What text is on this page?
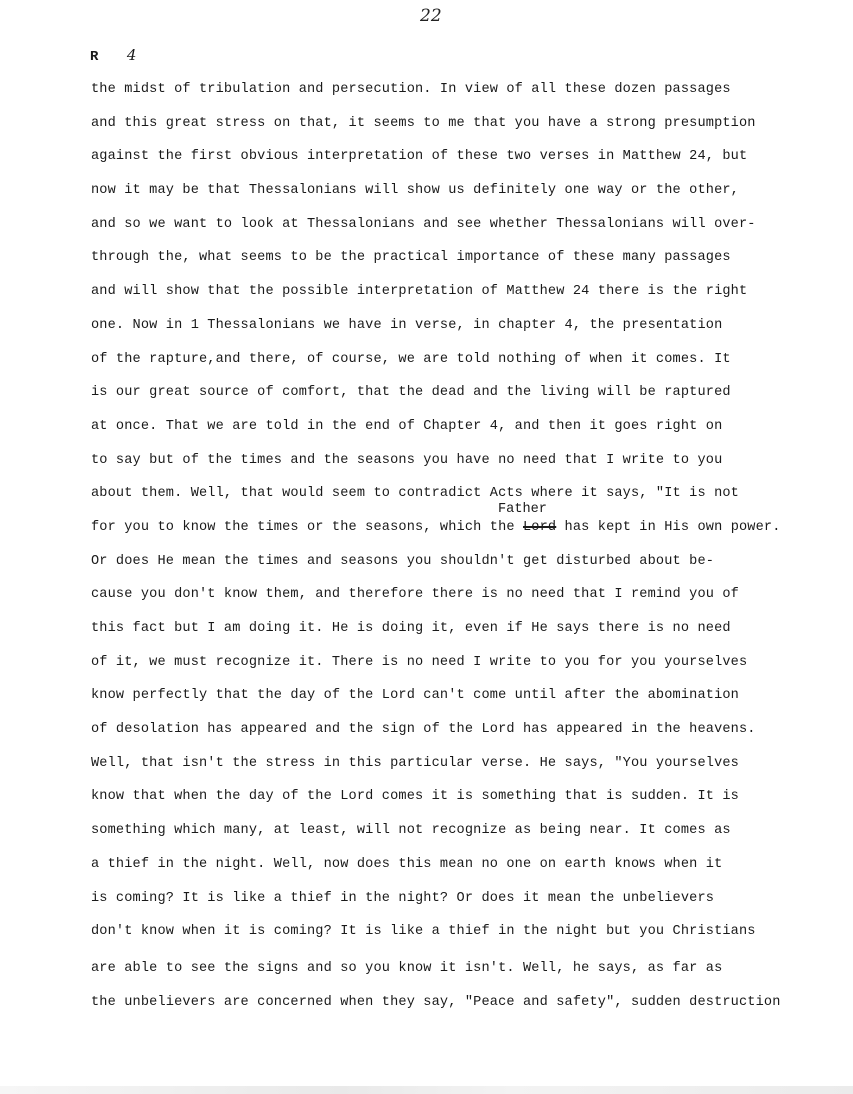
22
R 4
Father
the midst of tribulation and persecution. In view of all these dozen passages
and this great stress on that, it seems to me that you have a strong presumption
against the first obvious interpretation of these two verses in Matthew 24, but
now it may be that Thessalonians will show us definitely one way or the other,
and so we want to look at Thessalonians and see whether Thessalonians will over-
through the, what seems to be the practical importance of these many passages
and will show that the possible interpretation of Matthew 24 there is the right
one. Now in 1 Thessalonians we have in verse, in chapter 4, the presentation
of the rapture,and there, of course, we are told nothing of when it comes. It
is our great source of comfort, that the dead and the living will be raptured
at once. That we are told in the end of Chapter 4, and then it goes right on
to say but of the times and the seasons you have no need that I write to you
about them. Well, that would seem to contradict Acts where it says, "It is not
for you to know the times or the seasons, which the Lord has kept in His own power.
Or does He mean the times and seasons you shouldn't get disturbed about be-
cause you don't know them, and therefore there is no need that I remind you of
this fact but I am doing it. He is doing it, even if He says there is no need
of it, we must recognize it. There is no need I write to you for you yourselves
know perfectly that the day of the Lord can't come until after the abomination
of desolation has appeared and the sign of the Lord has appeared in the heavens.
Well, that isn't the stress in this particular verse. He says, "You yourselves
know that when the day of the Lord comes it is something that is sudden. It is
something which many, at least, will not recognize as being near. It comes as
a thief in the night. Well, now does this mean no one on earth knows when it
is coming? It is like a thief in the night? Or does it mean the unbelievers
don't know when it is coming? It is like a thief in the night but you Christians
are able to see the signs and so you know it isn't. Well, he says, as far as
the unbelievers are concerned when they say, "Peace and safety", sudden destruction
